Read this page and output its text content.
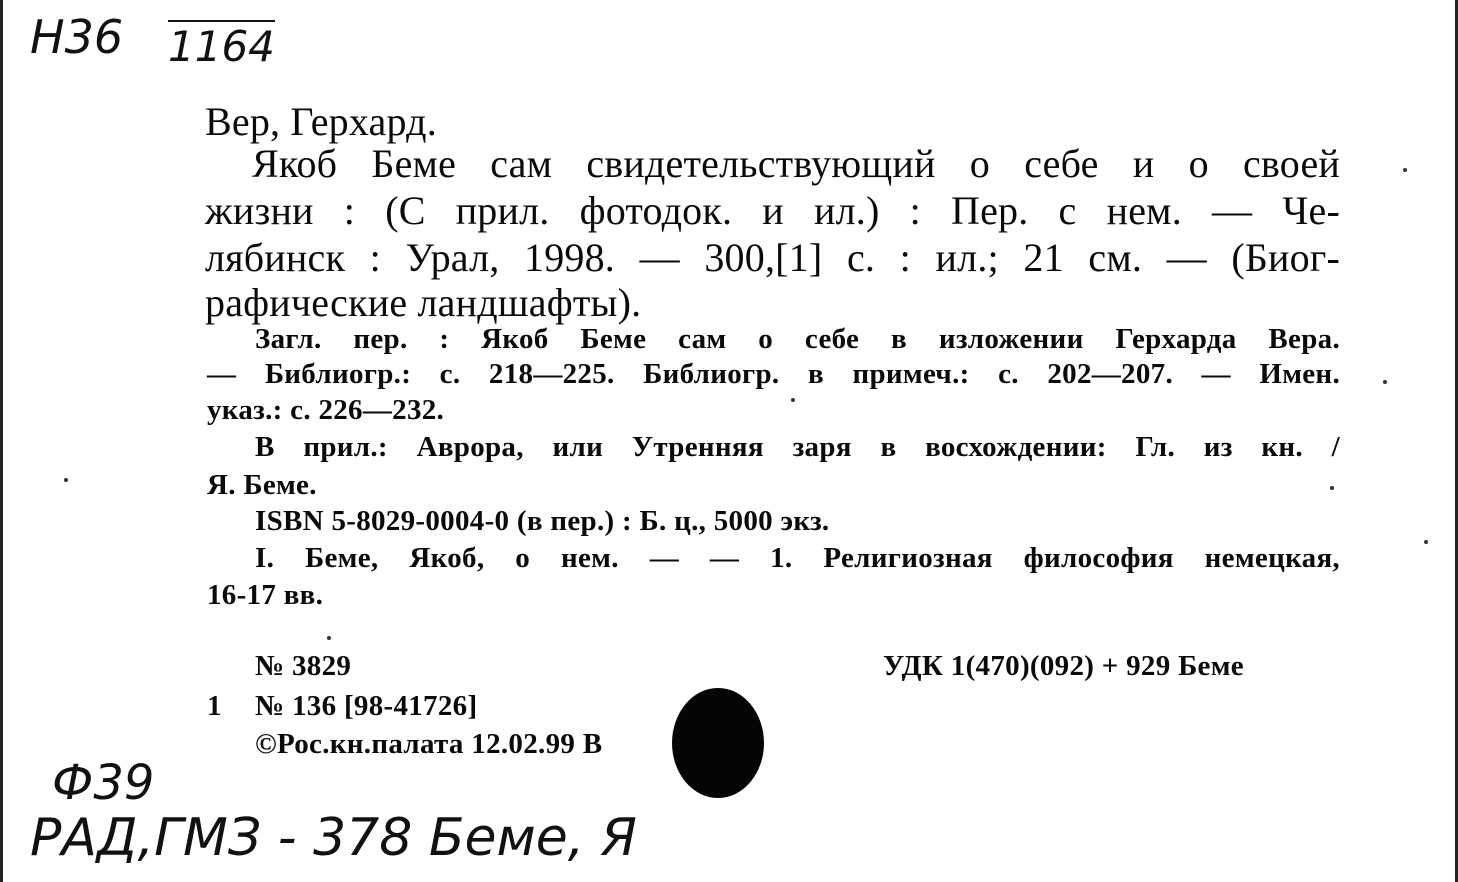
Н36 1164
Вер, Герхард.
Якоб Беме сам свидетельствующий о себе и о своей
жизни : (С прил. фотодок. и ил.) : Пер. с нем. — Че-
лябинск : Урал, 1998. — 300,[1] с. : ил.; 21 см. — (Биог-
рафические ландшафты).
Загл. пер. : Якоб Беме сам о себе в изложении Герхарда Вера.
— Библиогр.: с. 218—225. Библиогр. в примеч.: с. 202—207. — Имен.
указ.: с. 226—232.
В прил.: Аврора, или Утренняя заря в восхождении: Гл. из кн. /
Я. Беме.
ISBN 5-8029-0004-0 (в пер.) : Б. ц., 5000 экз.
I. Беме, Якоб, о нем. — — 1. Религиозная философия немецкая,
16-17 вв.
№ 3829	УДК 1(470)(092) + 929 Беме
1 № 136 [98-41726]
©Рос.кн.палата 12.02.99 В
Ф39
РАД,ГМЗ - 378 Беме, Я
